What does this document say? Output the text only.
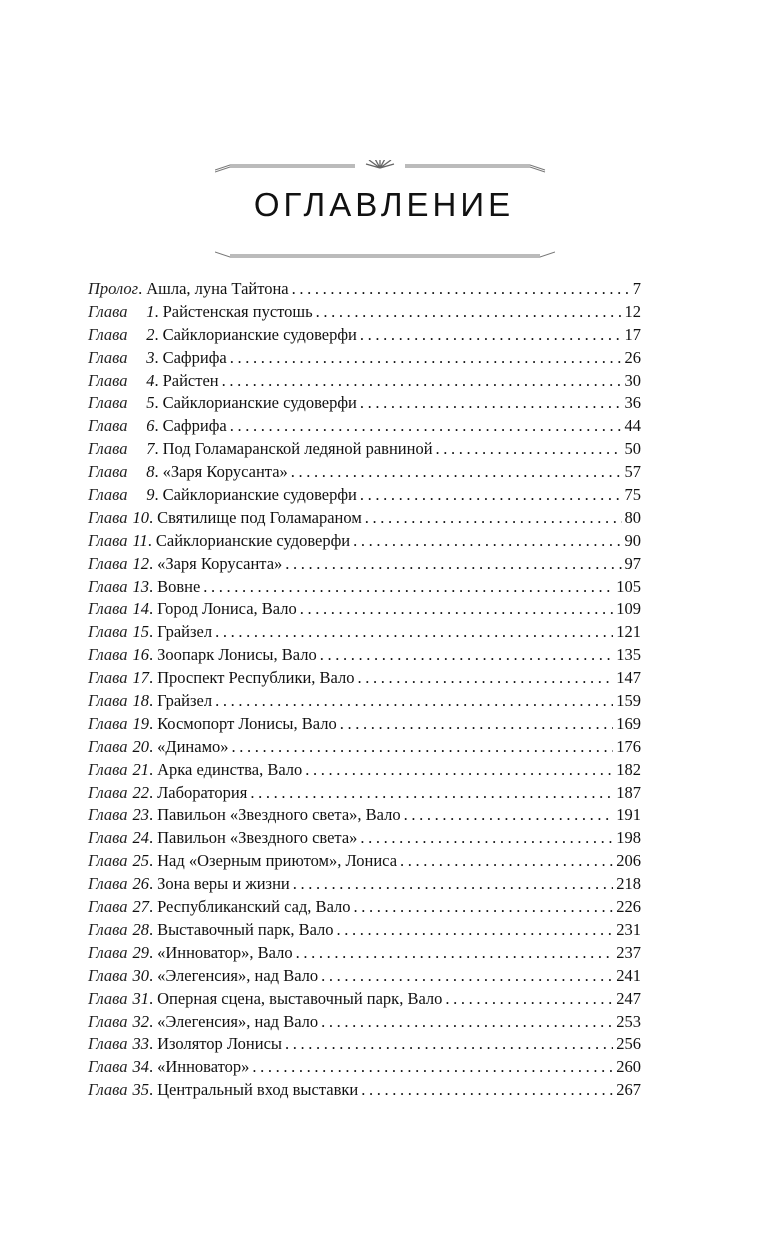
ОГЛАВЛЕНИЕ
Пролог . Ашла, луна Тайтона . . .	7
Глава	1 . Райстенская пустошь . . .	12
Глава	2 . Сайклорианские судоверфи . . .	17
Глава	3 . Сафрифа . . .	26
Глава	4 . Райстен . . .	30
Глава	5 . Сайклорианские судоверфи . . .	36
Глава	6 . Сафрифа . . .	44
Глава	7 . Под Голамаранской ледяной равниной . . .	50
Глава	8 . «Заря Корусанта» . . .	57
Глава	9 . Сайклорианские судоверфи . . .	75
Глава 10 . Святилище под Голамараном . . .	80
Глава 11 . Сайклорианские судоверфи . . .	90
Глава 12 . «Заря Корусанта» . . .	97
Глава 13 . Вовне . . .	105
Глава 14 . Город Лониса, Вало . . .	109
Глава 15 . Грайзел . . .	121
Глава 16 . Зоопарк Лонисы, Вало . . .	135
Глава 17 . Проспект Республики, Вало . . .	147
Глава 18 . Грайзел . . .	159
Глава 19 . Космопорт Лонисы, Вало . . .	169
Глава 20 . «Динамо» . . .	176
Глава 21 . Арка единства, Вало . . .	182
Глава 22 . Лаборатория . . .	187
Глава 23 . Павильон «Звездного света», Вало . . .	191
Глава 24 . Павильон «Звездного света» . . .	198
Глава 25 . Над «Озерным приютом», Лониса . . .	206
Глава 26 . Зона веры и жизни . . .	218
Глава 27 . Республиканский сад, Вало . . .	226
Глава 28 . Выставочный парк, Вало . . .	231
Глава 29 . «Инноватор», Вало . . .	237
Глава 30 . «Элегенсия», над Вало . . .	241
Глава 31 . Оперная сцена, выставочный парк, Вало . . .	247
Глава 32 . «Элегенсия», над Вало . . .	253
Глава 33 . Изолятор Лонисы . . .	256
Глава 34 . «Инноватор» . . .	260
Глава 35 . Центральный вход выставки . . .	267
